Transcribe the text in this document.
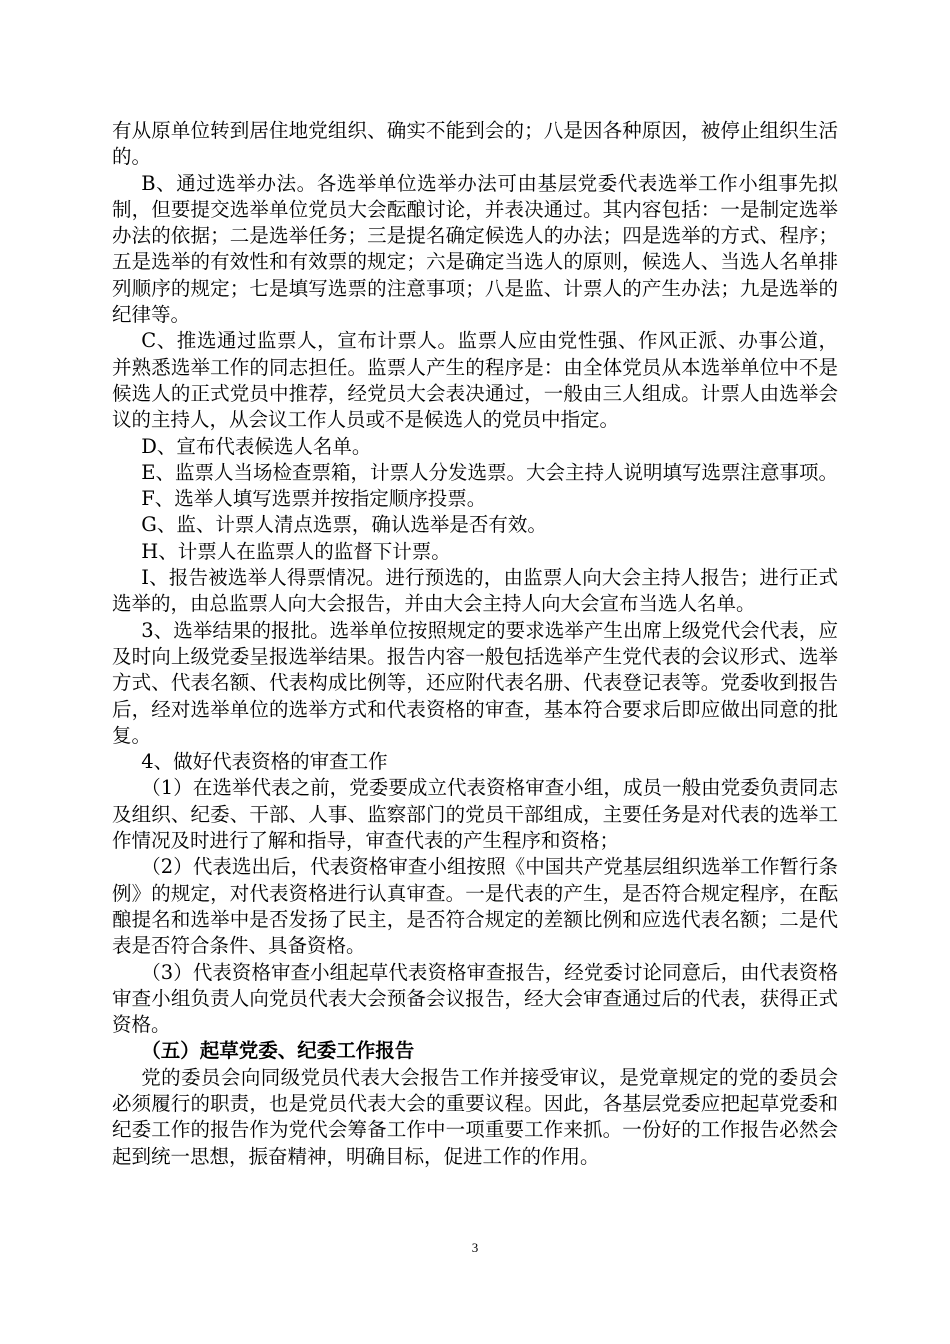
有从原单位转到居住地党组织、确实不能到会的；八是因各种原因，被停止组织生活的。

B、通过选举办法。各选举单位选举办法可由基层党委代表选举工作小组事先拟制，但要提交选举单位党员大会酝酿讨论，并表决通过。其内容包括：一是制定选举办法的依据；二是选举任务；三是提名确定候选人的办法；四是选举的方式、程序；五是选举的有效性和有效票的规定；六是确定当选人的原则，候选人、当选人名单排列顺序的规定；七是填写选票的注意事项；八是监、计票人的产生办法；九是选举的纪律等。

C、推选通过监票人，宣布计票人。监票人应由党性强、作风正派、办事公道，并熟悉选举工作的同志担任。监票人产生的程序是：由全体党员从本选举单位中不是候选人的正式党员中推荐，经党员大会表决通过，一般由三人组成。计票人由选举会议的主持人，从会议工作人员或不是候选人的党员中指定。

D、宣布代表候选人名单。

E、监票人当场检查票箱，计票人分发选票。大会主持人说明填写选票注意事项。

F、选举人填写选票并按指定顺序投票。

G、监、计票人清点选票，确认选举是否有效。

H、计票人在监票人的监督下计票。

I、报告被选举人得票情况。进行预选的，由监票人向大会主持人报告；进行正式选举的，由总监票人向大会报告，并由大会主持人向大会宣布当选人名单。

3、选举结果的报批。选举单位按照规定的要求选举产生出席上级党代会代表，应及时向上级党委呈报选举结果。报告内容一般包括选举产生党代表的会议形式、选举方式、代表名额、代表构成比例等，还应附代表名册、代表登记表等。党委收到报告后，经对选举单位的选举方式和代表资格的审查，基本符合要求后即应做出同意的批复。

4、做好代表资格的审查工作

（1）在选举代表之前，党委要成立代表资格审查小组，成员一般由党委负责同志及组织、纪委、干部、人事、监察部门的党员干部组成，主要任务是对代表的选举工作情况及时进行了解和指导，审查代表的产生程序和资格；

（2）代表选出后，代表资格审查小组按照《中国共产党基层组织选举工作暂行条例》的规定，对代表资格进行认真审查。一是代表的产生，是否符合规定程序，在酝酿提名和选举中是否发扬了民主，是否符合规定的差额比例和应选代表名额；二是代表是否符合条件、具备资格。

（3）代表资格审查小组起草代表资格审查报告，经党委讨论同意后，由代表资格审查小组负责人向党员代表大会预备会议报告，经大会审查通过后的代表，获得正式资格。

（五）起草党委、纪委工作报告

党的委员会向同级党员代表大会报告工作并接受审议，是党章规定的党的委员会必须履行的职责，也是党员代表大会的重要议程。因此，各基层党委应把起草党委和纪委工作的报告作为党代会筹备工作中一项重要工作来抓。一份好的工作报告必然会起到统一思想，振奋精神，明确目标，促进工作的作用。

3
